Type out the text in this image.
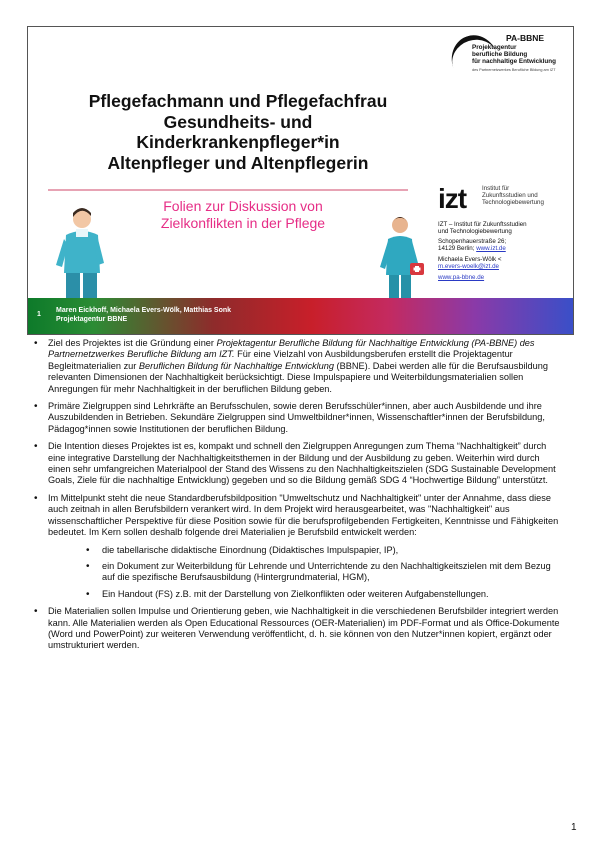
PA-BBNE
Projektagentur
berufliche Bildung
für nachhaltige Entwicklung
des Partnernetzwerkes Berufliche Bildung am IZT
Pflegefachmann und Pflegefachfrau
Gesundheits- und
Kinderkrankenpfleger*in
Altenpfleger und Altenpflegerin
Folien zur Diskussion von
Zielkonflikten in der Pflege
izt	Institut für
Zukunftsstudien und
Technologiebewertung
IZT – Institut für Zukunftsstudien
und Technologiebewertung
Schopenhauerstraße 26;
14129 Berlin; www.izt.de
Michaela Evers-Wölk <
m.evers-woelk@izt.de
www.pa-bbne.de
1
Maren Eickhoff, Michaela Evers-Wölk, Matthias Sonk
Projektagentur BBNE
• Ziel des Projektes ist die Gründung einer Projektagentur Berufliche Bildung für Nachhaltige Entwicklung (PA-BBNE) des Partnernetzwerkes Berufliche Bildung am IZT. Für eine Vielzahl von Ausbildungsberufen erstellt die Projektagentur Begleitmaterialien zur Beruflichen Bildung für Nachhaltige Entwicklung (BBNE). Dabei werden alle für die Berufsausbildung relevanten Dimensionen der Nachhaltigkeit berücksichtigt. Diese Impulspapiere und Weiterbildungsmaterialien sollen Anregungen für mehr Nachhaltigkeit in der beruflichen Bildung geben.
• Primäre Zielgruppen sind Lehrkräfte an Berufsschulen, sowie deren Berufsschüler*innen, aber auch Ausbildende und ihre Auszubildenden in Betrieben. Sekundäre Zielgruppen sind Umweltbildner*innen, Wissenschaftler*innen der Berufsbildung, Pädagog*innen sowie Institutionen der beruflichen Bildung.
• Die Intention dieses Projektes ist es, kompakt und schnell den Zielgruppen Anregungen zum Thema “Nachhaltigkeit” durch eine integrative Darstellung der Nachhaltigkeitsthemen in der Bildung und der Ausbildung zu geben. Weiterhin wird durch einen sehr umfangreichen Materialpool der Stand des Wissens zu den Nachhaltigkeitszielen (SDG Sustainable Development Goals, Ziele für die nachhaltige Entwicklung) gegeben und so die Bildung gemäß SDG 4 “Hochwertige Bildung” unterstützt.
• Im Mittelpunkt steht die neue Standardberufsbildposition "Umweltschutz und Nachhaltigkeit" unter der Annahme, dass diese auch zeitnah in allen Berufsbildern verankert wird. In dem Projekt wird herausgearbeitet, was "Nachhaltigkeit" aus wissenschaftlicher Perspektive für diese Position sowie für die berufsprofilgebenden Fertigkeiten, Kenntnisse und Fähigkeiten bedeutet. Im Kern sollen deshalb folgende drei Materialien je Berufsbild entwickelt werden:
• die tabellarische didaktische Einordnung (Didaktisches Impulspapier, IP),
• ein Dokument zur Weiterbildung für Lehrende und Unterrichtende zu den Nachhaltigkeitszielen mit dem Bezug auf die spezifische Berufsausbildung (Hintergrundmaterial, HGM),
• Ein Handout (FS) z.B. mit der Darstellung von Zielkonflikten oder weiteren Aufgabenstellungen.
• Die Materialien sollen Impulse und Orientierung geben, wie Nachhaltigkeit in die verschiedenen Berufsbilder integriert werden kann. Alle Materialien werden als Open Educational Ressources (OER-Materialien) im PDF-Format und als Office-Dokumente (Word und PowerPoint) zur weiteren Verwendung veröffentlicht, d. h. sie können von den Nutzer*innen kopiert, ergänzt oder umstrukturiert werden.
1
